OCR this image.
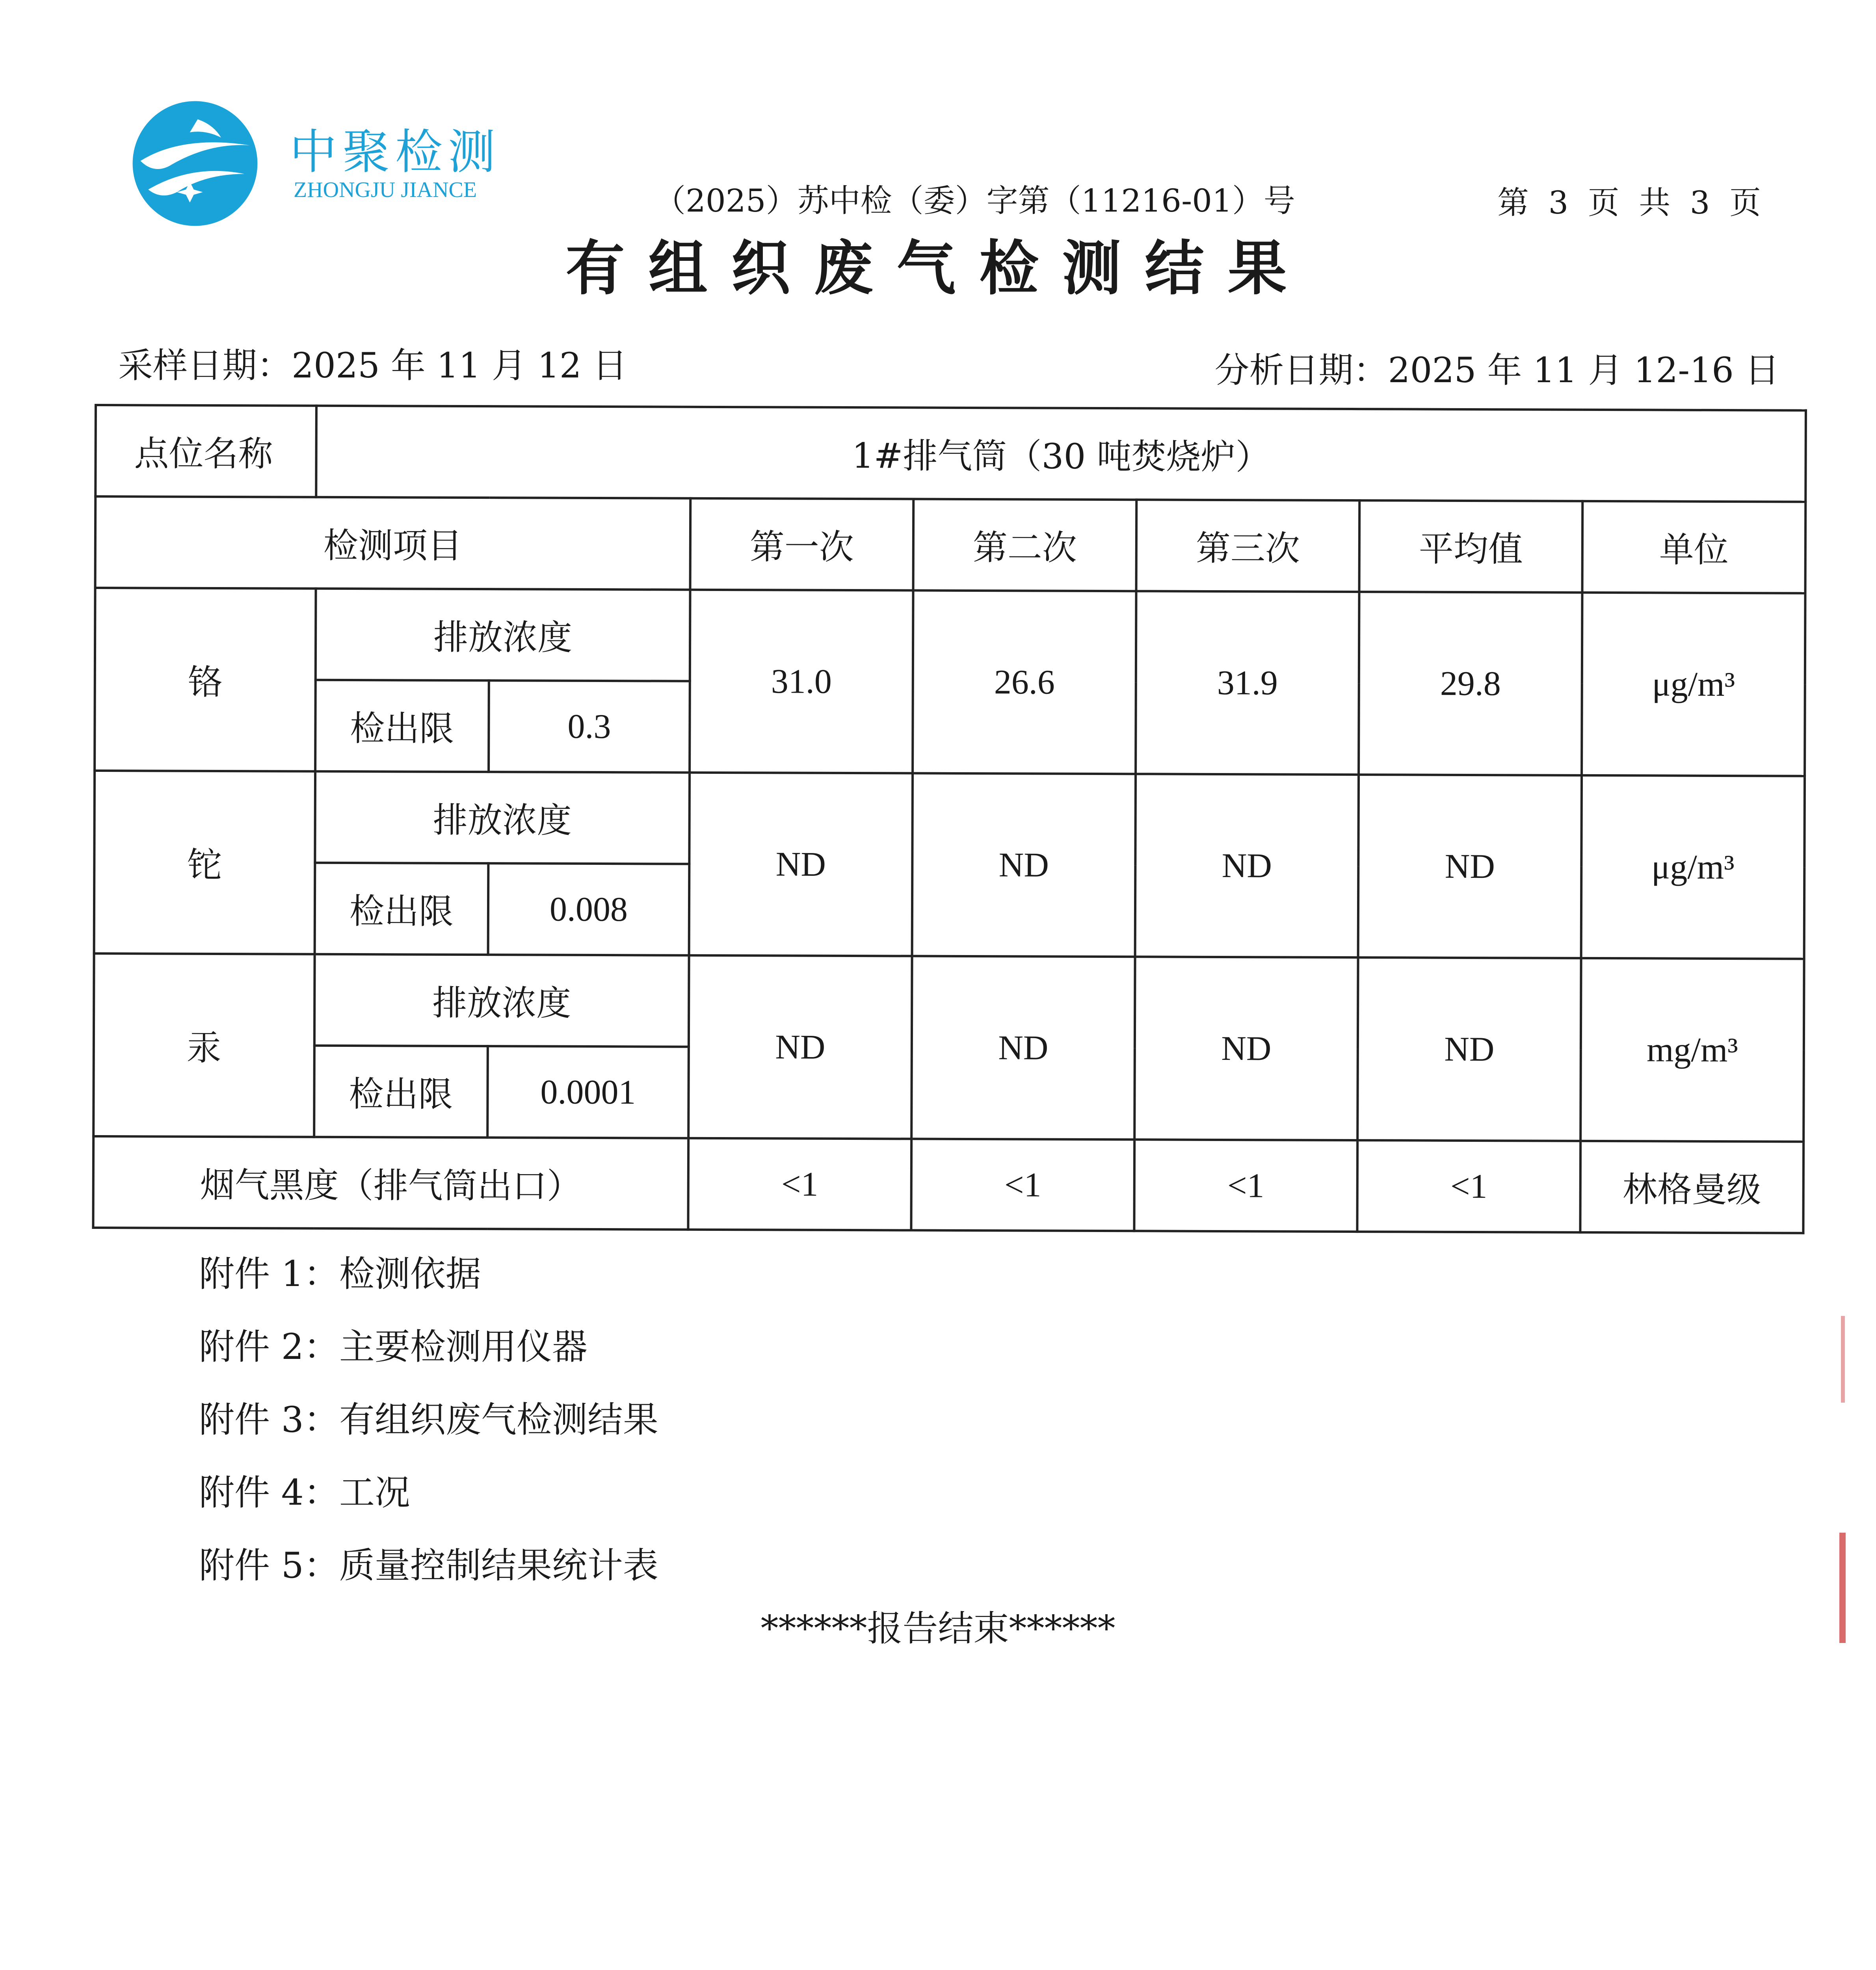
中聚检测
ZHONGJU JIANCE	（2025）苏中检（委）字第（11216-01）号	第 3 页 共 3 页
有组织废气检测结果
采样日期：2025 年 11 月 12 日	分析日期：2025 年 11 月 12-16 日
点位名称	1#排气筒（30 吨焚烧炉）						
检测项目			第一次	第二次	第三次	平均值	单位
铬	排放浓度		31.0	26.6	31.9	29.8	μg/m³
	检出限	0.3					
铊	排放浓度		ND	ND	ND	ND	μg/m³
	检出限	0.008					
汞	排放浓度		ND	ND	ND	ND	mg/m³
	检出限	0.0001					
烟气黑度（排气筒出口）			<1	<1	<1	<1	林格曼级
附件 1：检测依据
附件 2：主要检测用仪器
附件 3：有组织废气检测结果
附件 4：工况
附件 5：质量控制结果统计表
******报告结束******
